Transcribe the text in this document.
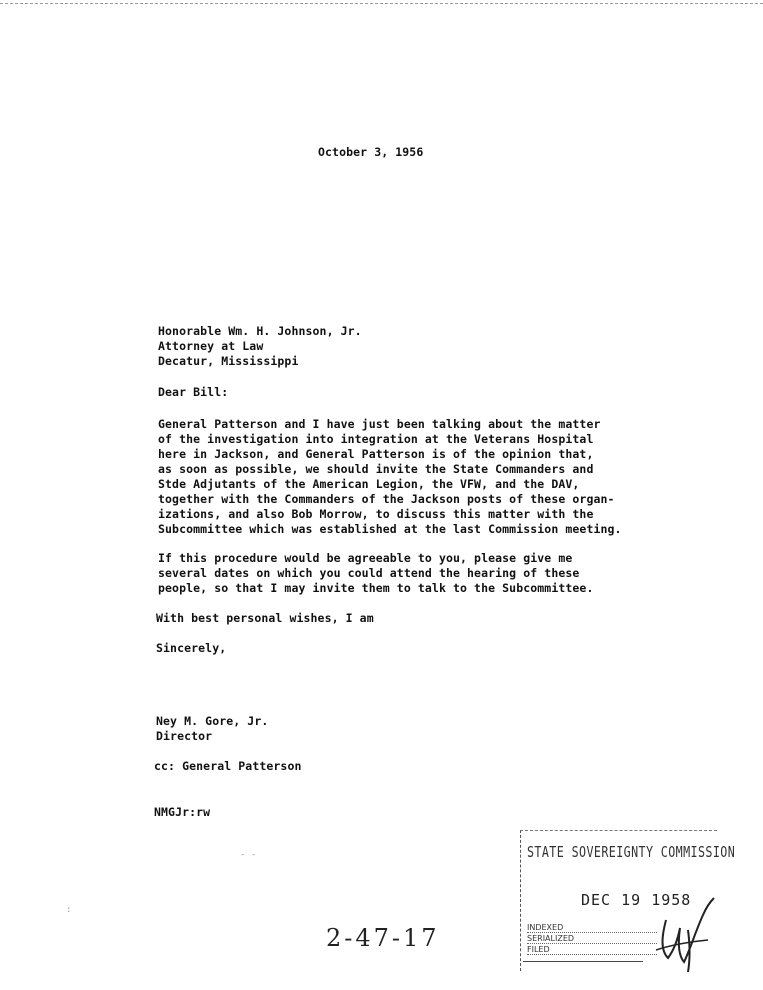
October 3, 1956
Honorable Wm. H. Johnson, Jr.
Attorney at Law
Decatur, Mississippi
Dear Bill:
General Patterson and I have just been talking about the matter
of the investigation into integration at the Veterans Hospital
here in Jackson, and General Patterson is of the opinion that,
as soon as possible, we should invite the State Commanders and
Stde Adjutants of the American Legion, the VFW, and the DAV,
together with the Commanders of the Jackson posts of these organ-
izations, and also Bob Morrow, to discuss this matter with the
Subcommittee which was established at the last Commission meeting.
If this procedure would be agreeable to you, please give me
several dates on which you could attend the hearing of these
people, so that I may invite them to talk to the Subcommittee.
With best personal wishes, I am
Sincerely,
Ney M. Gore, Jr.
Director
cc: General Patterson
NMGJr:rw
- -
:
2-47-17
STATE SOVEREIGNTY COMMISSION
DEC 19 1958
INDEXED
SERIALIZED
FILED
